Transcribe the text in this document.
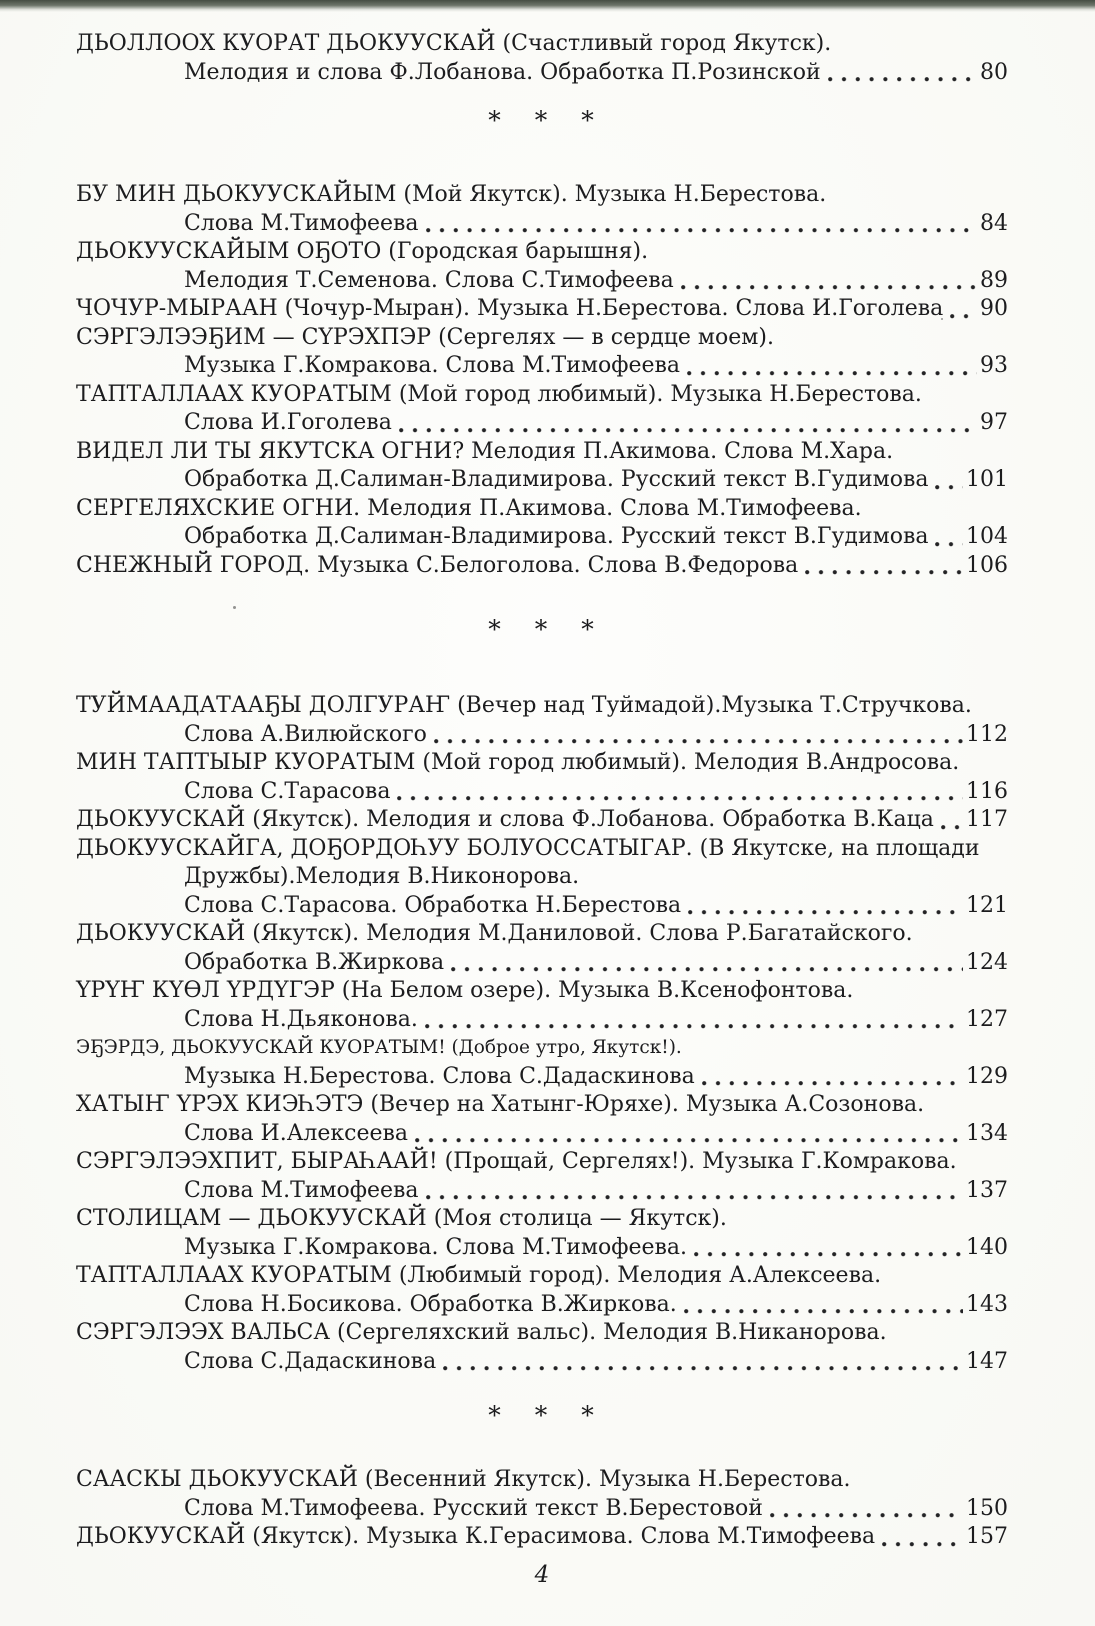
ДЬОЛЛООХ КУОРАТ ДЬОКУУСКАЙ (Счастливый город Якутск).
Мелодия и слова Ф.Лобанова. Обработка П.Розинской	80
* * *
БУ МИН ДЬОКУУСКАЙЫМ (Мой Якутск). Музыка Н.Берестова.
Слова М.Тимофеева	84
ДЬОКУУСКАЙЫМ ОҔОТО (Городская барышня).
Мелодия Т.Семенова. Слова С.Тимофеева	89
ЧОЧУР-МЫРААН (Чочур-Мыран). Музыка Н.Берестова. Слова И.Гоголева 90
СЭРГЭЛЭЭҔИМ — СҮРЭХПЭР (Сергелях — в сердце моем).
Музыка Г.Комракова. Слова М.Тимофеева	93
ТАПТАЛЛААХ КУОРАТЫМ (Мой город любимый). Музыка Н.Берестова.
Слова И.Гоголева	97
ВИДЕЛ ЛИ ТЫ ЯКУТСКА ОГНИ? Мелодия П.Акимова. Слова М.Хара.
Обработка Д.Салиман-Владимирова. Русский текст В.Гудимова 101
СЕРГЕЛЯХСКИЕ ОГНИ. Мелодия П.Акимова. Слова М.Тимофеева.
Обработка Д.Салиман-Владимирова. Русский текст В.Гудимова 104
СНЕЖНЫЙ ГОРОД. Музыка С.Белоголова. Слова В.Федорова	106
* * *
ТУЙМААДАТААҔЫ ДОЛГУРАҤ (Вечер над Туймадой).Музыка Т.Стручкова.
Слова А.Вилюйского	112
МИН ТАПТЫЫР КУОРАТЫМ (Мой город любимый). Мелодия В.Андросова.
Слова С.Тарасова	116
ДЬОКУУСКАЙ (Якутск). Мелодия и слова Ф.Лобанова. Обработка В.Каца 117
ДЬОКУУСКАЙГА, ДОҔОРДОҺУУ БОЛУОССАТЫГАР. (В Якутске, на площади
Дружбы).Мелодия В.Никонорова.
Слова С.Тарасова. Обработка Н.Берестова	121
ДЬОКУУСКАЙ (Якутск). Мелодия М.Даниловой. Слова Р.Багатайского.
Обработка В.Жиркова	124
ҮРҮҤ КҮӨЛ ҮРДҮГЭР (На Белом озере). Музыка В.Ксенофонтова.
Слова Н.Дьяконова.	127
ЭҔЭРДЭ, ДЬОКУУСКАЙ КУОРАТЫМ! (Доброе утро, Якутск!).
Музыка Н.Берестова. Слова С.Дадаскинова	129
ХАТЫҤ ҮРЭХ КИЭҺЭТЭ (Вечер на Хатынг-Юряхе). Музыка А.Созонова.
Слова И.Алексеева	134
СЭРГЭЛЭЭХПИТ, БЫРАҺААЙ! (Прощай, Сергелях!). Музыка Г.Комракова.
Слова М.Тимофеева	137
СТОЛИЦАМ — ДЬОКУУСКАЙ (Моя столица — Якутск).
Музыка Г.Комракова. Слова М.Тимофеева.	140
ТАПТАЛЛААХ КУОРАТЫМ (Любимый город). Мелодия А.Алексеева.
Слова Н.Босикова. Обработка В.Жиркова.	143
СЭРГЭЛЭЭХ ВАЛЬСА (Сергеляхский вальс). Мелодия В.Никанорова.
Слова С.Дадаскинова	147
* * *
СААСКЫ ДЬОКУУСКАЙ (Весенний Якутск). Музыка Н.Берестова.
Слова М.Тимофеева. Русский текст В.Берестовой	150
ДЬОКУУСКАЙ (Якутск). Музыка К.Герасимова. Слова М.Тимофеева	157
4
